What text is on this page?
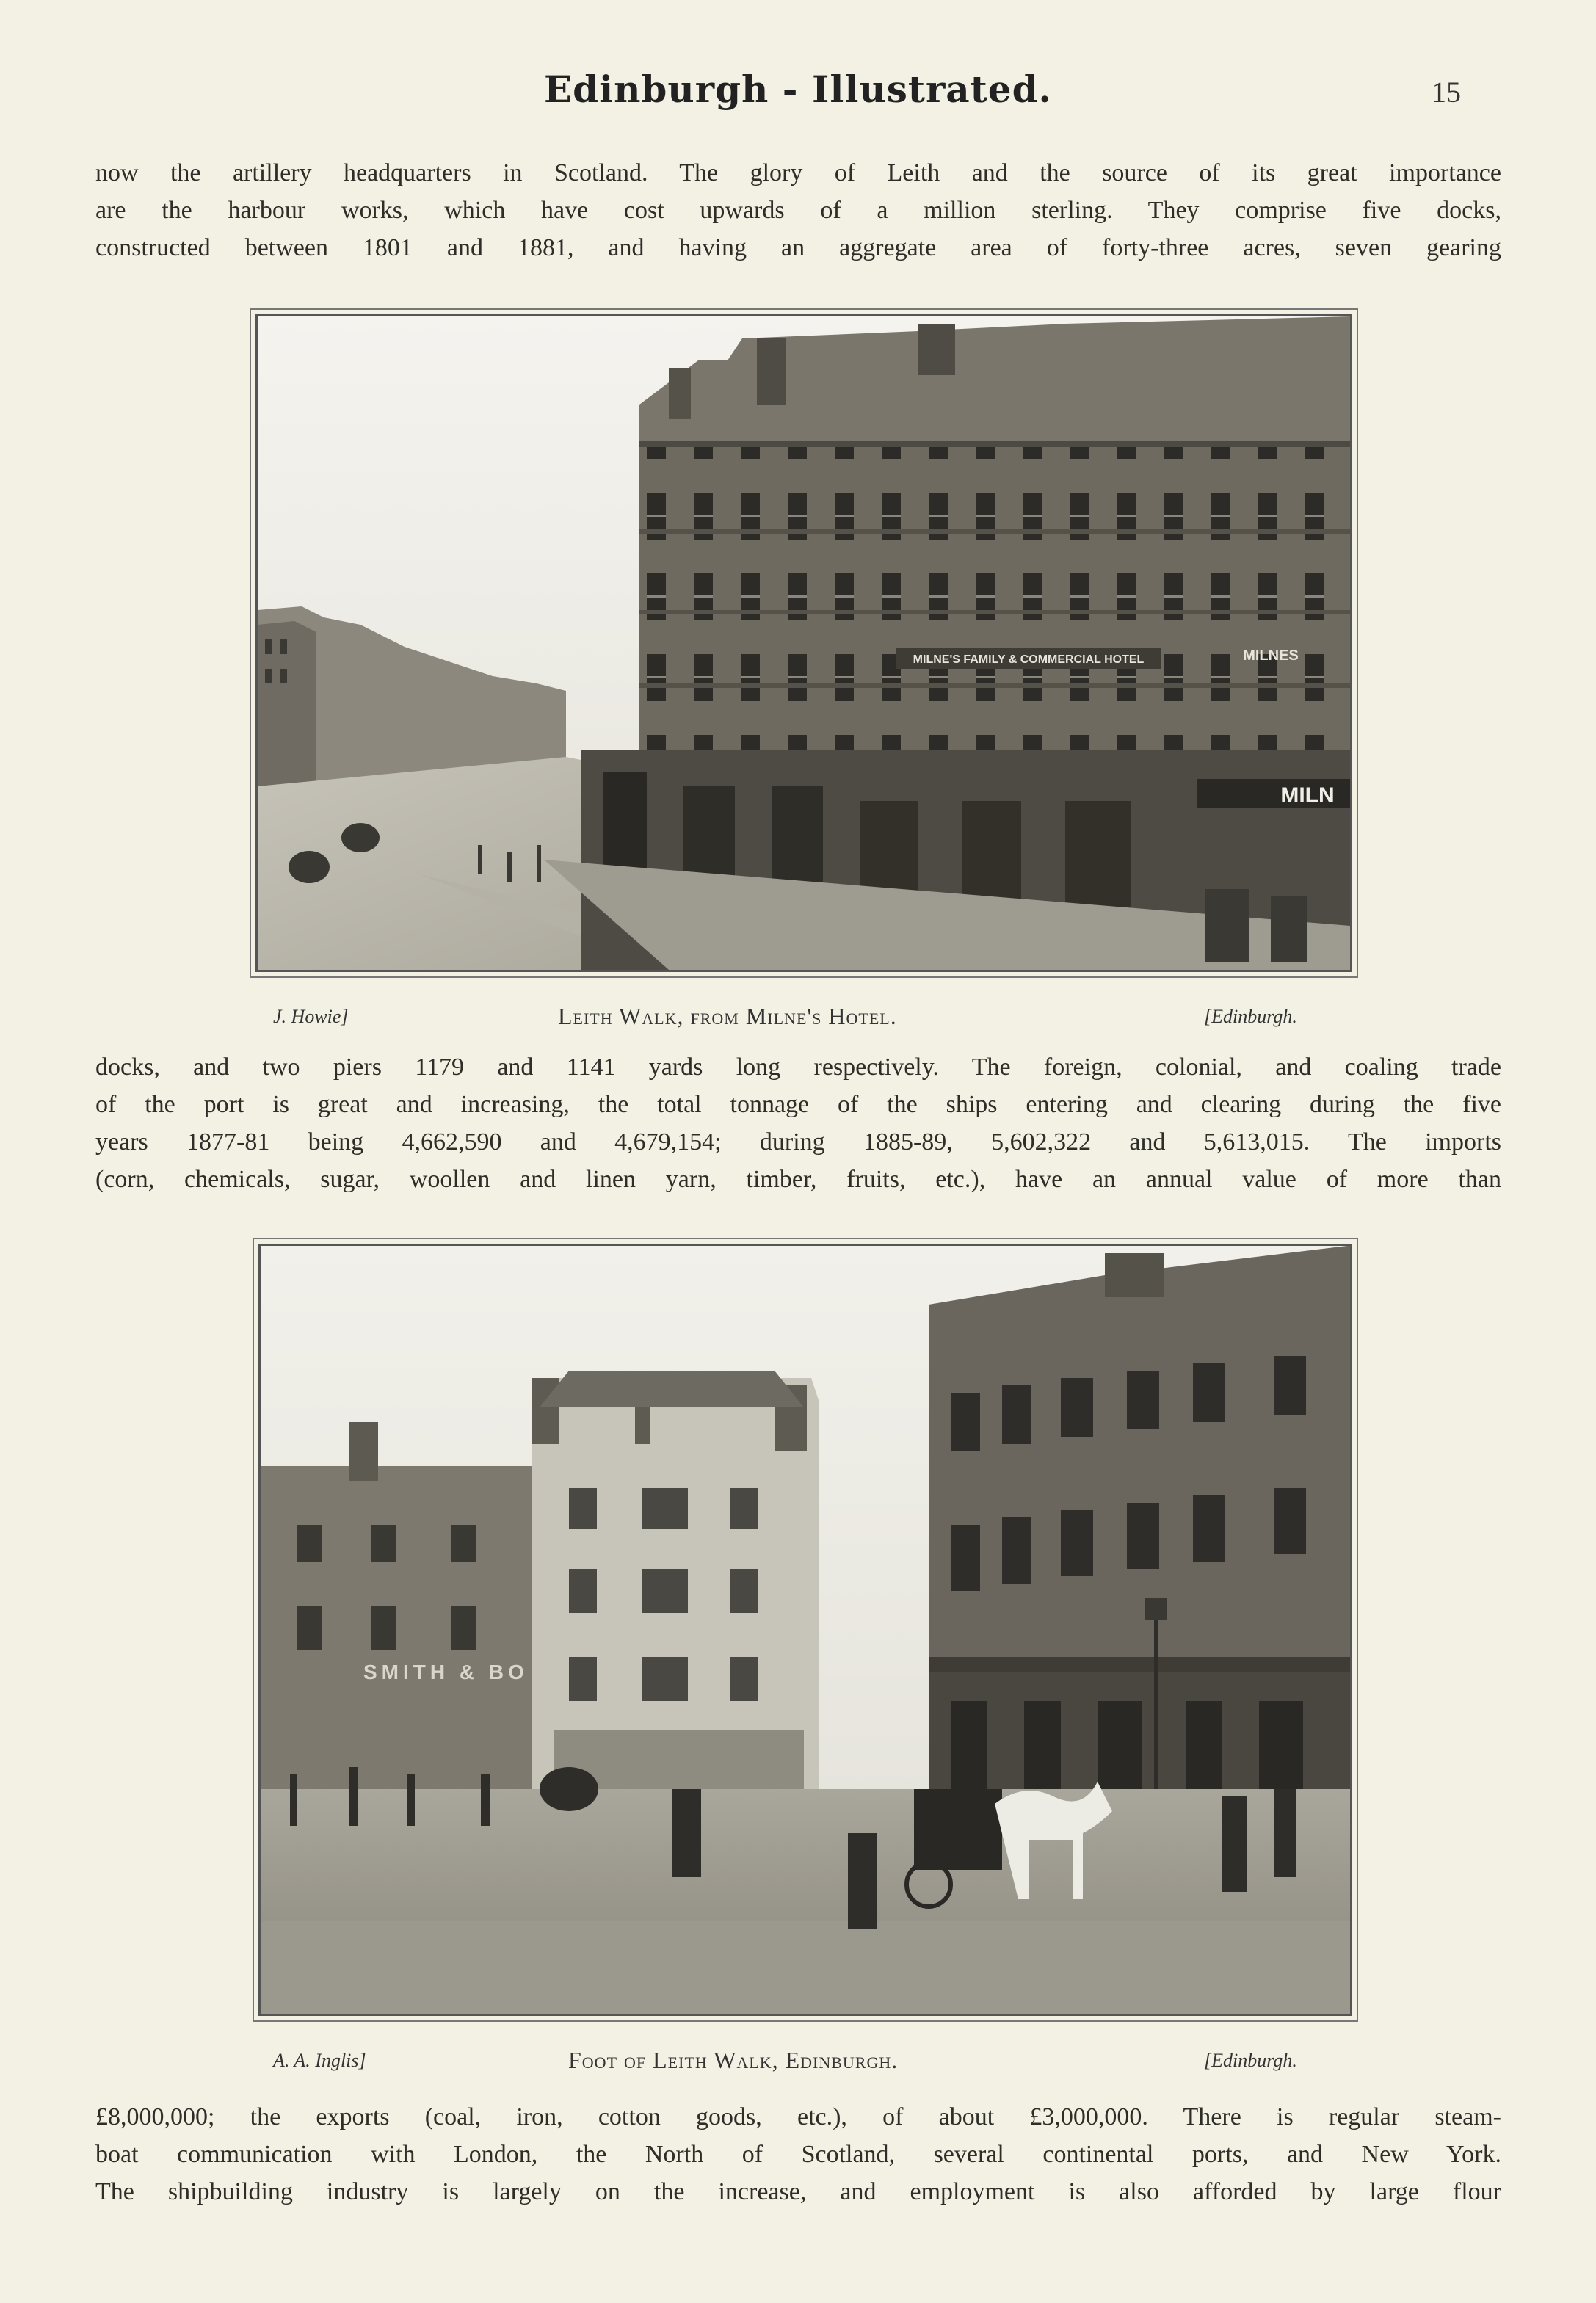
Edinburgh - Illustrated.	15
now the artillery headquarters in Scotland. The glory of Leith and the source of its great importance
are the harbour works, which have cost upwards of a million sterling. They comprise five docks,
constructed between 1801 and 1881, and having an aggregate area of forty-three acres, seven gearing
MILNE'S FAMILY & COMMERCIAL HOTEL	MILNES
MILN
J. Howie]	Leith Walk, from Milne's Hotel.	[Edinburgh.
docks, and two piers 1179 and 1141 yards long respectively. The foreign, colonial, and coaling trade
of the port is great and increasing, the total tonnage of the ships entering and clearing during the five
years 1877-81 being 4,662,590 and 4,679,154; during 1885-89, 5,602,322 and 5,613,015. The imports
(corn, chemicals, sugar, woollen and linen yarn, timber, fruits, etc.), have an annual value of more than
SMITH & BO
A. A. Inglis]	Foot of Leith Walk, Edinburgh.	[Edinburgh.
£8,000,000; the exports (coal, iron, cotton goods, etc.), of about £3,000,000. There is regular steam-
boat communication with London, the North of Scotland, several continental ports, and New York.
The shipbuilding industry is largely on the increase, and employment is also afforded by large flour
